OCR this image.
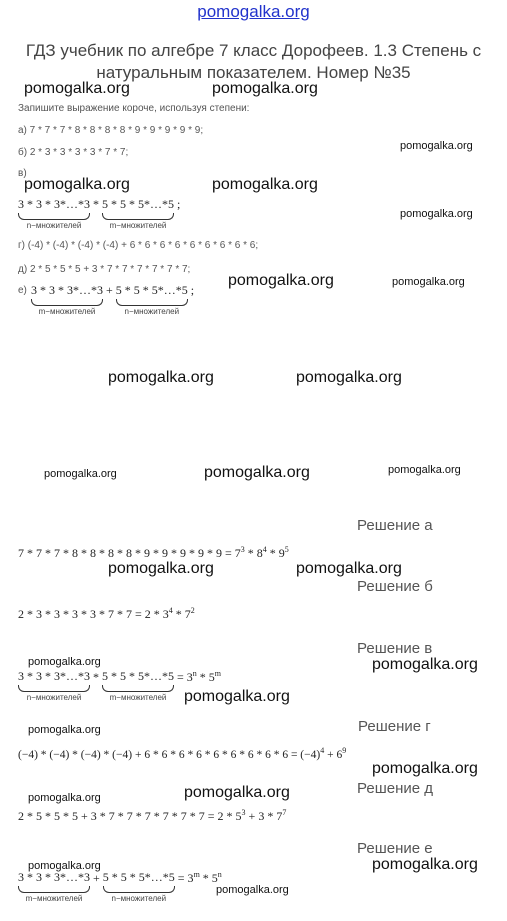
pomogalka.org
ГДЗ учебник по алгебре 7 класс Дорофеев. 1.3 Степень с натуральным показателем. Номер №35
pomogalka.org	pomogalka.org
pomogalka.org	pomogalka.org
pomogalka.org
pomogalka.org	pomogalka.org
pomogalka.org
pomogalka.org	pomogalka.org
pomogalka.org
pomogalka.org
pomogalka.org
pomogalka.org
pomogalka.org
pomogalka.org
pomogalka.org
pomogalka.org
pomogalka.org	pomogalka.org
pomogalka.org
pomogalka.org
pomogalka.org
pomogalka.org
pomogalka.org
Запишите выражение короче, используя степени:
а) 7 * 7 * 7 * 8 * 8 * 8 * 8 * 9 * 9 * 9 * 9 * 9;
б) 2 * 3 * 3 * 3 * 3 * 7 * 7;
в)
3 * 3 * 3*…*3
n−множителей
* 5 * 5 * 5*…*5
m−множителей
;
г) (-4) * (-4) * (-4) * (-4) + 6 * 6 * 6 * 6 * 6 * 6 * 6 * 6 * 6;
д) 2 * 5 * 5 * 5 + 3 * 7 * 7 * 7 * 7 * 7 * 7;
е) 3 * 3 * 3*…*3
m−множителей
+ 5 * 5 * 5*…*5
n−множителей
;
Решение а
$7 * 7 * 7 * 8 * 8 * 8 * 8 * 9 * 9 * 9 * 9 * 9 = 7^3 * 8^4 * 9^5$
Решение б
$2 * 3 * 3 * 3 * 3 * 7 * 7 = 2 * 3^4 * 7^2$
Решение в
3 * 3 * 3*…*3
n−множителей
* 5 * 5 * 5*…*5
m−множителей
= $3^n * 5^m$
Решение г
$(-4) * (-4) * (-4) * (-4) + 6 * 6 * 6 * 6 * 6 * 6 * 6 * 6 * 6 = (-4)^4 + 6^9$
Решение д
$2 * 5 * 5 * 5 + 3 * 7 * 7 * 7 * 7 * 7 * 7 = 2 * 5^3 + 3 * 7^7$
Решение е
3 * 3 * 3*…*3
m−множителей
+ 5 * 5 * 5*…*5
n−множителей
= $3^m * 5^n$
